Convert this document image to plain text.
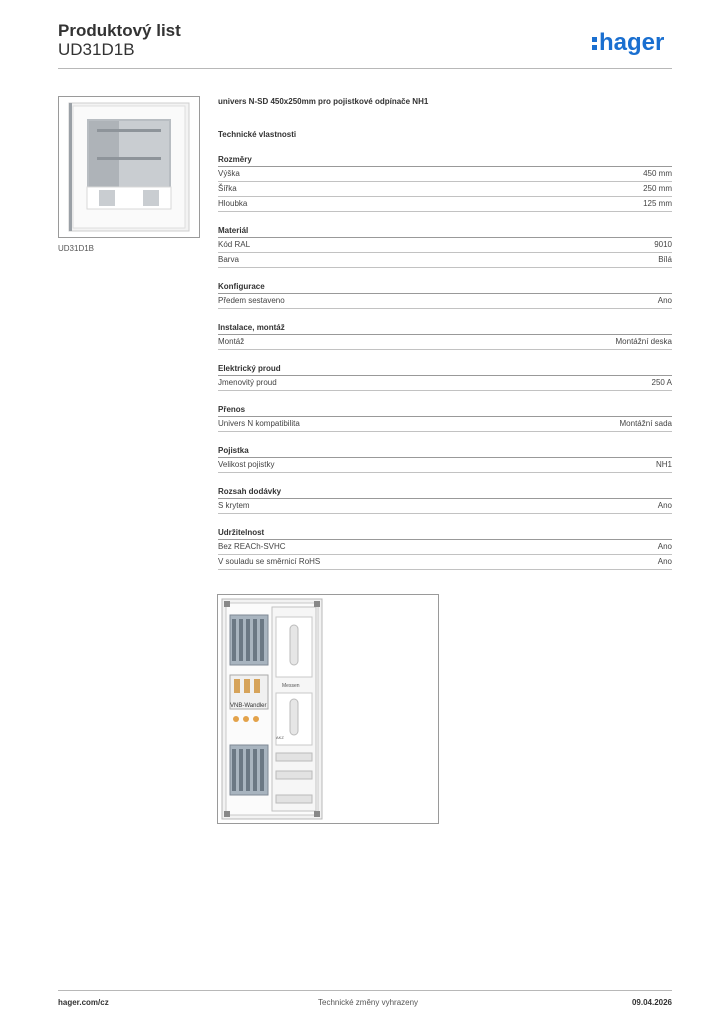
Produktový list
UD31D1B	hager
UD31D1B
univers N-SD 450x250mm pro pojistkové odpínače NH1
Technické vlastnosti
Rozměry
Výška	450 mm
Šířka	250 mm
Hloubka	125 mm
Materiál
Kód RAL	9010
Barva	Bílá
Konfigurace
Předem sestaveno	Ano
Instalace, montáž
Montáž	Montážní deska
Elektrický proud
Jmenovitý proud	250 A
Přenos
Univers N kompatibilita	Montážní sada
Pojistka
Velikost pojistky	NH1
Rozsah dodávky
S krytem	Ano
Udržitelnost
Bez REACh-SVHC	Ano
V souladu se směrnicí RoHS	Ano
VNB-Wandler
Messen
AKZ
hager.com/cz	Technické změny vyhrazeny	09.04.2026
